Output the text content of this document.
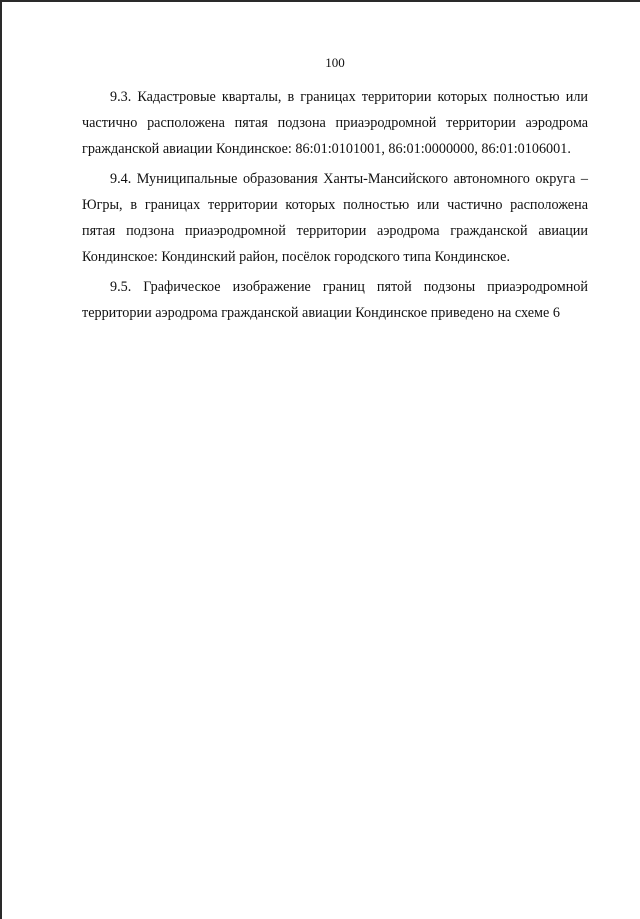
100

9.3. Кадастровые кварталы, в границах территории которых полностью или частично расположена пятая подзона приаэродромной территории аэродрома гражданской авиации Кондинское: 86:01:0101001, 86:01:0000000, 86:01:0106001.

9.4. Муниципальные образования Ханты-Мансийского автономного округа – Югры, в границах территории которых полностью или частично расположена пятая подзона приаэродромной территории аэродрома гражданской авиации Кондинское: Кондинский район, посёлок городского типа Кондинское.

9.5. Графическое изображение границ пятой подзоны приаэродромной территории аэродрома гражданской авиации Кондинское приведено на схеме 6
